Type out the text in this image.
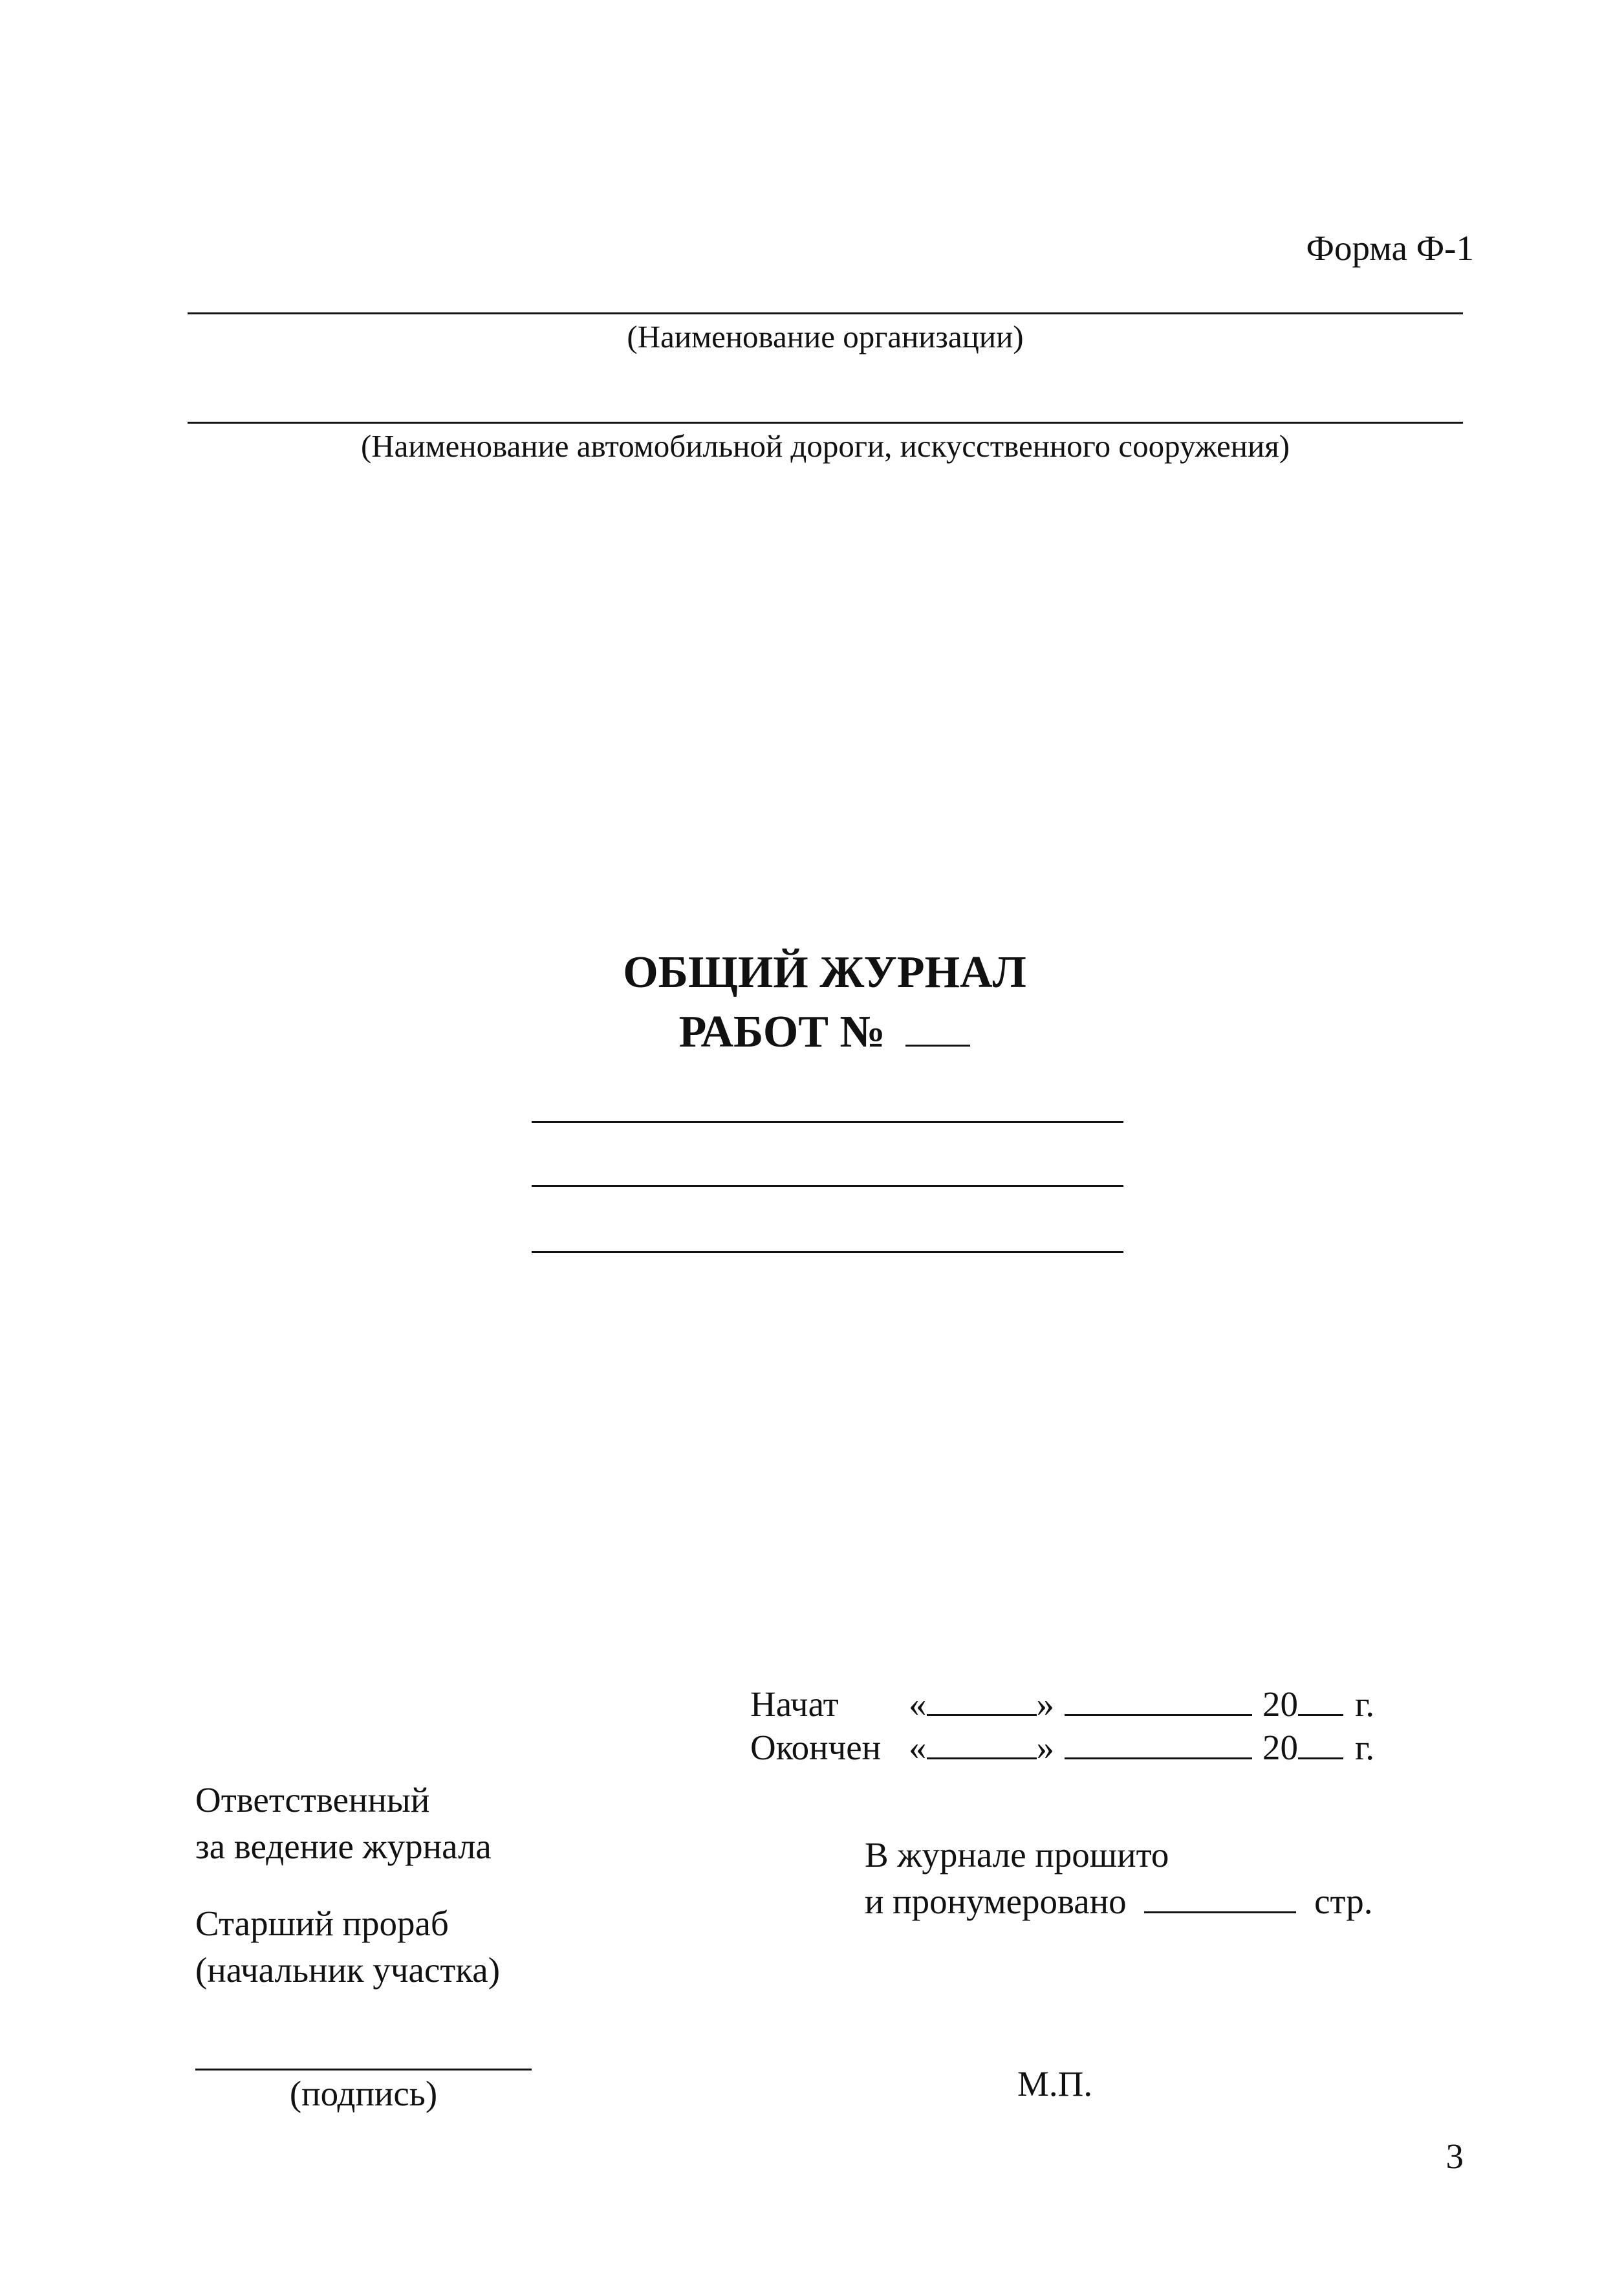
Форма Ф-1
(Наименование организации)
(Наименование автомобильной дороги, искусственного сооружения)
ОБЩИЙ ЖУРНАЛ
РАБОТ №
Начат «	»	20 г.
Окончен «	»	20 г.
Ответственный
за ведение журнала
Старший прораб
(начальник участка)
(подпись)
В журнале прошито
и пронумеровано	стр.
М.П.
3
